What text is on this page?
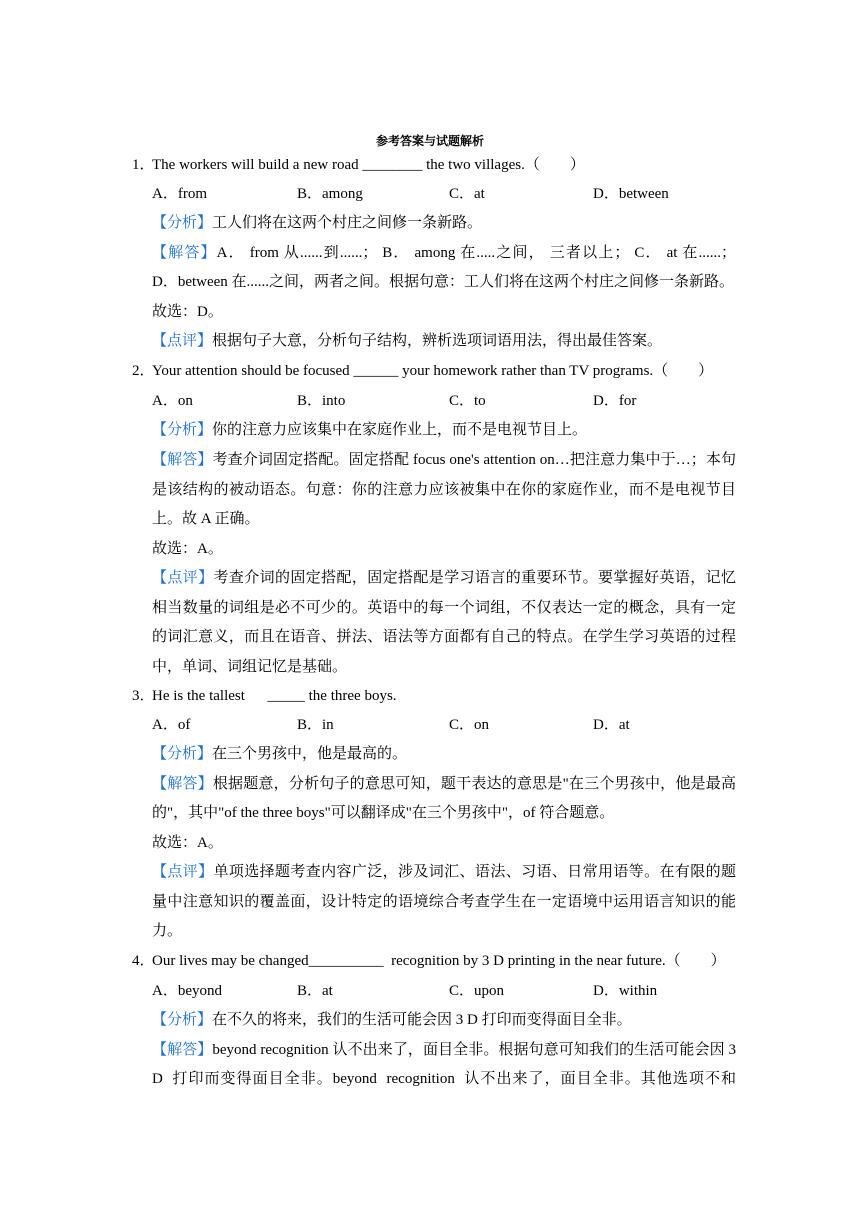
参考答案与试题解析
1．The workers will build a new road ________ the two villages.（　　）
A．from	B．among	C．at	D．between
【分析】工人们将在这两个村庄之间修一条新路。
【解答】A． from 从......到......； B． among 在.....之间， 三者以上； C． at 在......；
D．between 在......之间，两者之间。根据句意：工人们将在这两个村庄之间修一条新路。
故选：D。
【点评】根据句子大意，分析句子结构，辨析选项词语用法，得出最佳答案。
2．Your attention should be focused ______ your homework rather than TV programs.（　　）
A．on	B．into	C．to	D．for
【分析】你的注意力应该集中在家庭作业上，而不是电视节目上。
【解答】考查介词固定搭配。固定搭配 focus one's attention on…把注意力集中于…；本句
是该结构的被动语态。句意：你的注意力应该被集中在你的家庭作业，而不是电视节目
上。故 A 正确。
故选：A。
【点评】考查介词的固定搭配，固定搭配是学习语言的重要环节。要掌握好英语，记忆
相当数量的词组是必不可少的。英语中的每一个词组，不仅表达一定的概念，具有一定
的词汇意义，而且在语音、拼法、语法等方面都有自己的特点。在学生学习英语的过程
中，单词、词组记忆是基础。
3．He is the tallest      _____ the three boys.
A．of	B．in	C．on	D．at
【分析】在三个男孩中，他是最高的。
【解答】根据题意，分析句子的意思可知，题干表达的意思是"在三个男孩中，他是最高
的"，其中"of the three boys"可以翻译成"在三个男孩中"，of 符合题意。
故选：A。
【点评】单项选择题考查内容广泛，涉及词汇、语法、习语、日常用语等。在有限的题
量中注意知识的覆盖面，设计特定的语境综合考查学生在一定语境中运用语言知识的能
力。
4．Our lives may be changed__________  recognition by 3 D printing in the near future.（　　）
A．beyond	B．at	C．upon	D．within
【分析】在不久的将来，我们的生活可能会因 3 D 打印而变得面目全非。
【解答】beyond recognition 认不出来了，面目全非。根据句意可知我们的生活可能会因 3
D  打印而变得面目全非。beyond  recognition  认不出来了，面目全非。其他选项不和
